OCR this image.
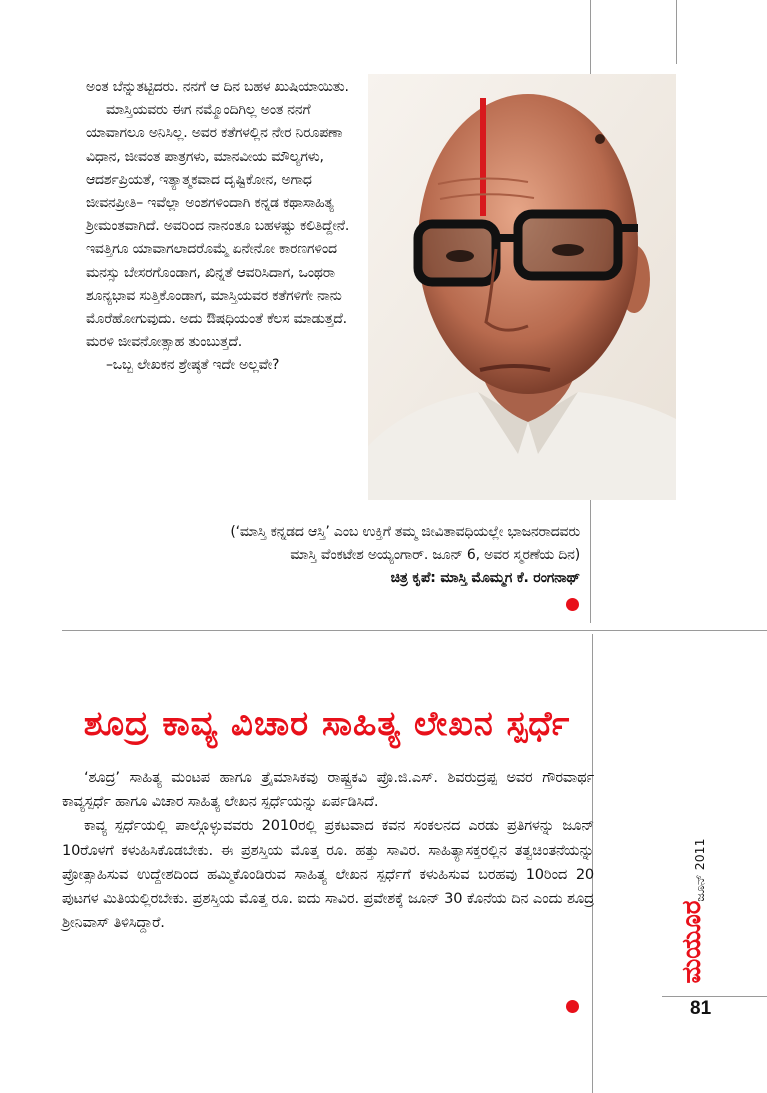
ಅಂತ ಬೆನ್ನುತಟ್ಟಿದರು. ನನಗೆ ಆ ದಿನ ಬಹಳ ಖುಷಿಯಾಯಿತು.

ಮಾಸ್ತಿಯವರು ಈಗ ನಮ್ಮೊಂದಿಗಿಲ್ಲ ಅಂತ ನನಗೆ ಯಾವಾಗಲೂ ಅನಿಸಿಲ್ಲ. ಅವರ ಕತೆಗಳಲ್ಲಿನ ನೇರ ನಿರೂಪಣಾ ವಿಧಾನ, ಜೀವಂತ ಪಾತ್ರಗಳು, ಮಾನವೀಯ ಮೌಲ್ಯಗಳು, ಆದರ್ಶಪ್ರಿಯತೆ, ಇತ್ಯಾತ್ಮಕವಾದ ದೃಷ್ಟಿಕೋನ, ಅಗಾಧ ಜೀವನಪ್ರೀತಿ– ಇವೆಲ್ಲಾ ಅಂಶಗಳಿಂದಾಗಿ ಕನ್ನಡ ಕಥಾಸಾಹಿತ್ಯ ಶ್ರೀಮಂತವಾಗಿದೆ. ಅವರಿಂದ ನಾನಂತೂ ಬಹಳಷ್ಟು ಕಲಿತಿದ್ದೇನೆ. ಇವತ್ತಿಗೂ ಯಾವಾಗಲಾದರೊಮ್ಮೆ ಏನೇನೋ ಕಾರಣಗಳಿಂದ ಮನಸ್ಸು ಬೇಸರಗೊಂಡಾಗ, ಖಿನ್ನತೆ ಆವರಿಸಿದಾಗ, ಒಂಥರಾ ಶೂನ್ಯಭಾವ ಸುತ್ತಿಕೊಂಡಾಗ, ಮಾಸ್ತಿಯವರ ಕತೆಗಳಿಗೇ ನಾನು ಮೊರೆಹೋಗುವುದು. ಅದು ಔಷಧಿಯಂತೆ ಕೆಲಸ ಮಾಡುತ್ತದೆ. ಮರಳಿ ಜೀವನೋತ್ಸಾಹ ತುಂಬುತ್ತದೆ.

–ಒಬ್ಬ ಲೇಖಕನ ಶ್ರೇಷ್ಠತೆ ಇದೇ ಅಲ್ಲವೇ?

(‘ಮಾಸ್ತಿ ಕನ್ನಡದ ಆಸ್ತಿ’ ಎಂಬ ಉಕ್ತಿಗೆ ತಮ್ಮ ಜೀವಿತಾವಧಿಯಲ್ಲೇ ಭಾಜನರಾದವರು

ಮಾಸ್ತಿ ವೆಂಕಟೇಶ ಅಯ್ಯಂಗಾರ್. ಜೂನ್ 6, ಅವರ ಸ್ಮರಣೆಯ ದಿನ)

ಚಿತ್ರ ಕೃಪೆ: ಮಾಸ್ತಿ ಮೊಮ್ಮಗ ಕೆ. ರಂಗನಾಥ್

ಶೂದ್ರ ಕಾವ್ಯ ವಿಚಾರ ಸಾಹಿತ್ಯ ಲೇಖನ ಸ್ಪರ್ಧೆ

‘ಶೂದ್ರ’ ಸಾಹಿತ್ಯ ಮಂಟಪ ಹಾಗೂ ತ್ರೈಮಾಸಿಕವು ರಾಷ್ಟ್ರಕವಿ ಪ್ರೊ.ಜಿ.ಎಸ್. ಶಿವರುದ್ರಪ್ಪ ಅವರ ಗೌರವಾರ್ಥ ಕಾವ್ಯಸ್ಪರ್ಧೆ ಹಾಗೂ ವಿಚಾರ ಸಾಹಿತ್ಯ ಲೇಖನ ಸ್ಪರ್ಧೆಯನ್ನು ಏರ್ಪಡಿಸಿದೆ.

ಕಾವ್ಯ ಸ್ಪರ್ಧೆಯಲ್ಲಿ ಪಾಲ್ಗೊಳ್ಳುವವರು 2010ರಲ್ಲಿ ಪ್ರಕಟವಾದ ಕವನ ಸಂಕಲನದ ಎರಡು ಪ್ರತಿಗಳನ್ನು ಜೂನ್ 10ರೊಳಗೆ ಕಳುಹಿಸಿಕೊಡಬೇಕು. ಈ ಪ್ರಶಸ್ತಿಯ ಮೊತ್ತ ರೂ. ಹತ್ತು ಸಾವಿರ. ಸಾಹಿತ್ಯಾಸಕ್ತರಲ್ಲಿನ ತತ್ವಚಿಂತನೆಯನ್ನು ಪ್ರೋತ್ಸಾಹಿಸುವ ಉದ್ದೇಶದಿಂದ ಹಮ್ಮಿಕೊಂಡಿರುವ ಸಾಹಿತ್ಯ ಲೇಖನ ಸ್ಪರ್ಧೆಗೆ ಕಳುಹಿಸುವ ಬರಹವು 10ರಿಂದ 20 ಪುಟಗಳ ಮಿತಿಯಲ್ಲಿರಬೇಕು. ಪ್ರಶಸ್ತಿಯ ಮೊತ್ತ ರೂ. ಐದು ಸಾವಿರ. ಪ್ರವೇಶಕ್ಕೆ ಜೂನ್ 30 ಕೊನೆಯ ದಿನ ಎಂದು ಶೂದ್ರ ಶ್ರೀನಿವಾಸ್ ತಿಳಿಸಿದ್ದಾರೆ.

ಜೂನ್ 2011
ಮಯೂರ
81
